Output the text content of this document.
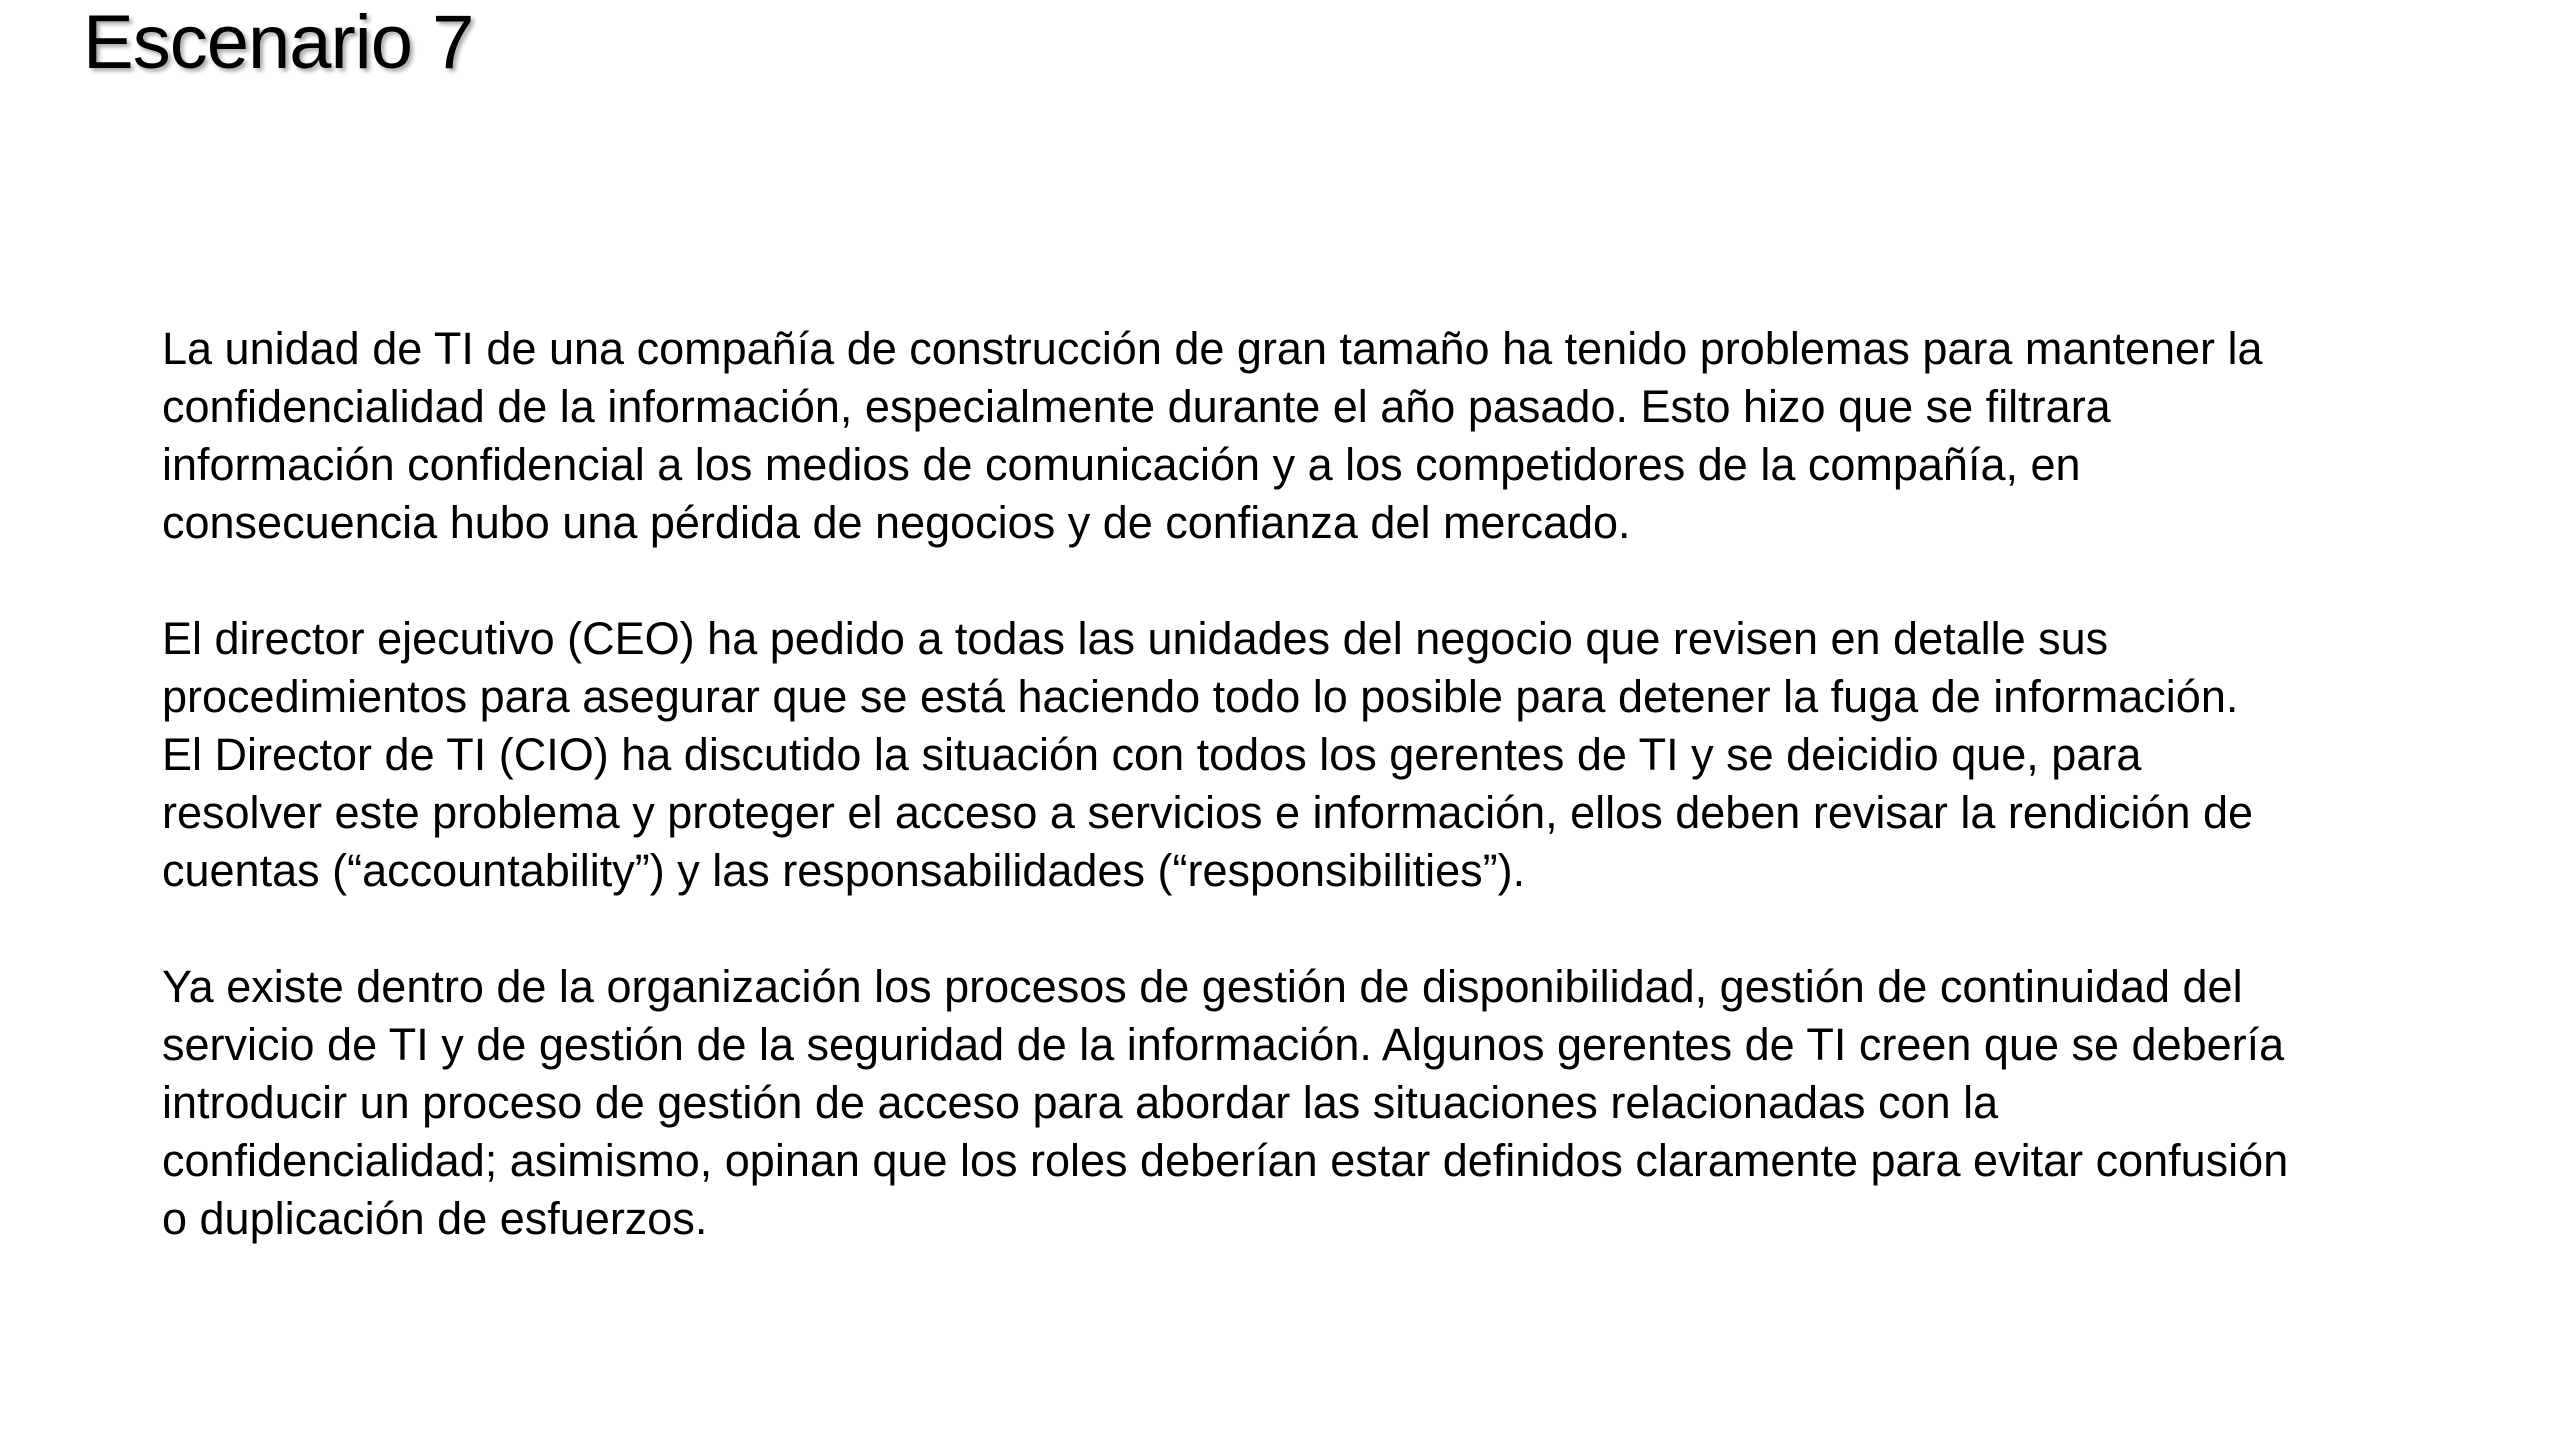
Escenario 7

La unidad de TI de una compañía de construcción de gran tamaño ha tenido problemas para mantener la
confidencialidad de la información, especialmente durante el año pasado. Esto hizo que se filtrara
información confidencial a los medios de comunicación y a los competidores de la compañía, en
consecuencia hubo una pérdida de negocios y de confianza del mercado.

El director ejecutivo (CEO) ha pedido a todas las unidades del negocio que revisen en detalle sus
procedimientos para asegurar que se está haciendo todo lo posible para detener la fuga de información.
El Director de TI (CIO) ha discutido la situación con todos los gerentes de TI y se deicidio que, para
resolver este problema y proteger el acceso a servicios e información, ellos deben revisar la rendición de
cuentas (“accountability”) y las responsabilidades (“responsibilities”).

Ya existe dentro de la organización los procesos de gestión de disponibilidad, gestión de continuidad del
servicio de TI y de gestión de la seguridad de la información. Algunos gerentes de TI creen que se debería
introducir un proceso de gestión de acceso para abordar las situaciones relacionadas con la
confidencialidad; asimismo, opinan que los roles deberían estar definidos claramente para evitar confusión
o duplicación de esfuerzos.
